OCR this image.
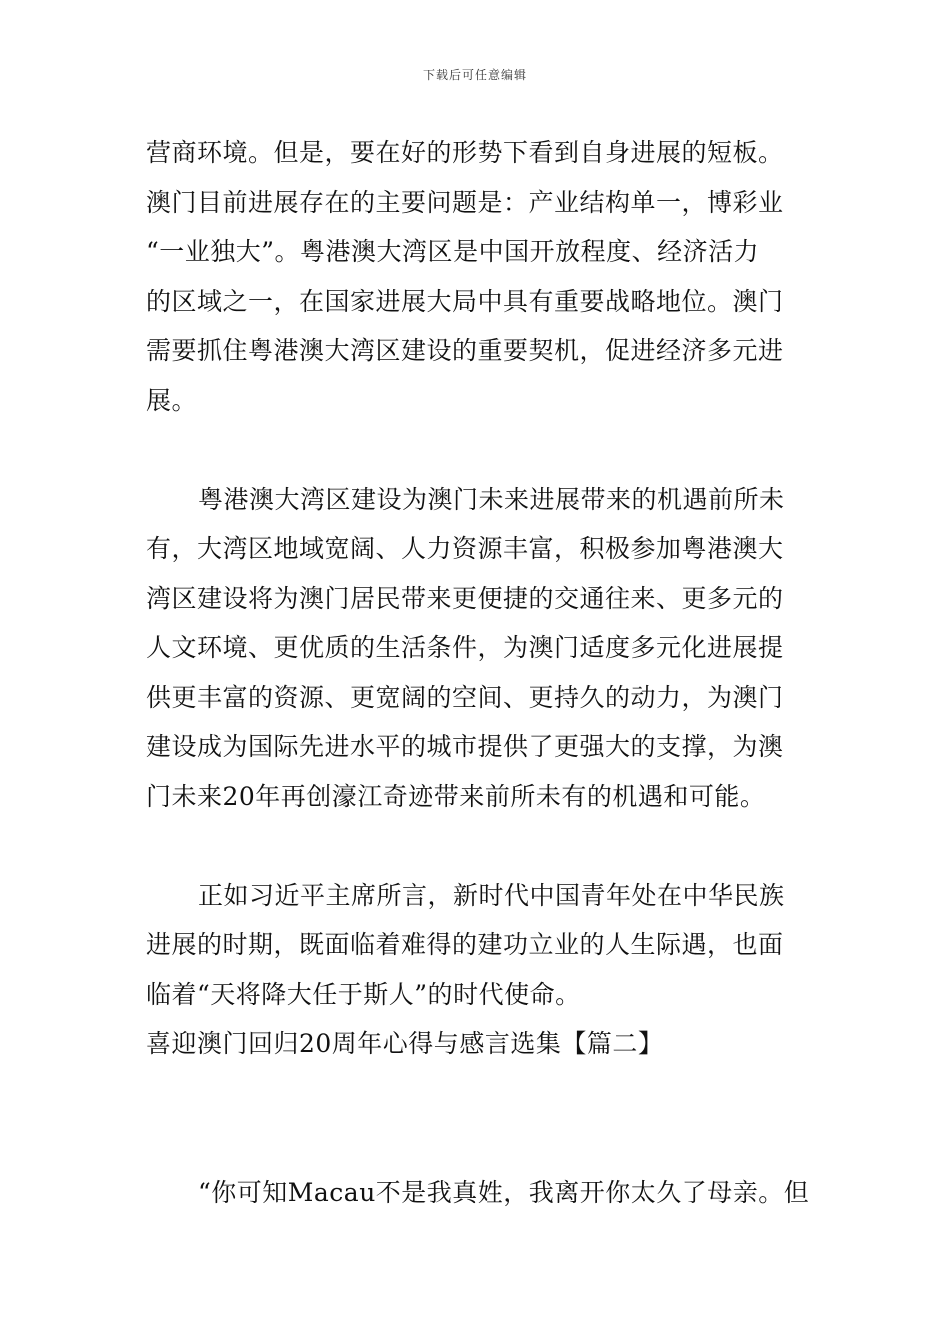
下载后可任意编辑
营商环境。但是，要在好的形势下看到自身进展的短板。
澳门目前进展存在的主要问题是：产业结构单一，博彩业
“一业独大”。粤港澳大湾区是中国开放程度、经济活力
的区域之一，在国家进展大局中具有重要战略地位。澳门
需要抓住粤港澳大湾区建设的重要契机，促进经济多元进
展。
粤港澳大湾区建设为澳门未来进展带来的机遇前所未
有，大湾区地域宽阔、人力资源丰富，积极参加粤港澳大
湾区建设将为澳门居民带来更便捷的交通往来、更多元的
人文环境、更优质的生活条件，为澳门适度多元化进展提
供更丰富的资源、更宽阔的空间、更持久的动力，为澳门
建设成为国际先进水平的城市提供了更强大的支撑，为澳
门未来20年再创濠江奇迹带来前所未有的机遇和可能。
正如习近平主席所言，新时代中国青年处在中华民族
进展的时期，既面临着难得的建功立业的人生际遇，也面
临着“天将降大任于斯人”的时代使命。
喜迎澳门回归20周年心得与感言选集【篇二】
“你可知Macau不是我真姓，我离开你太久了母亲。但
